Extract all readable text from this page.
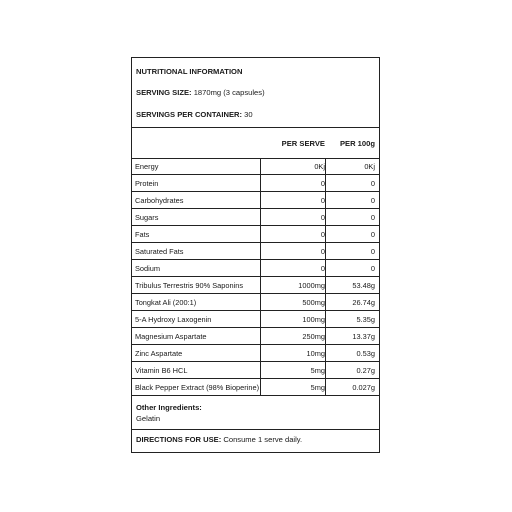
NUTRITIONAL INFORMATION
SERVING SIZE: 1870mg (3 capsules)
SERVINGS PER CONTAINER: 30
PER SERVE	PER 100g
Energy	0Kj	0Kj
Protein	0	0
Carbohydrates	0	0
Sugars	0	0
Fats	0	0
Saturated Fats	0	0
Sodium	0	0
Tribulus Terrestris 90% Saponins	1000mg	53.48g
Tongkat Ali (200:1)	500mg	26.74g
5-A Hydroxy Laxogenin	100mg	5.35g
Magnesium Aspartate	250mg	13.37g
Zinc Aspartate	10mg	0.53g
Vitamin B6 HCL	5mg	0.27g
Black Pepper Extract (98% Bioperine)	5mg	0.027g
Other Ingredients:
Gelatin
DIRECTIONS FOR USE: Consume 1 serve daily.
